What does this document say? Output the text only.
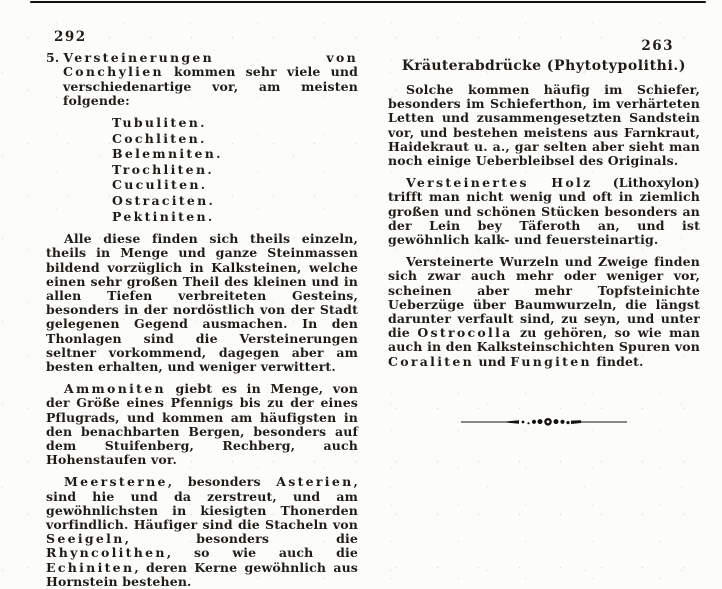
292

5. Versteinerungen von Conchylien kommen sehr viele und verschiedenartige vor, am meisten folgende:

Tubuliten.
Cochliten.
Belemniten.
Trochliten.
Cuculiten.
Ostraciten.
Pektiniten.

Alle diese finden sich theils einzeln, theils in Menge und ganze Steinmassen bildend vorzüglich in Kalksteinen, welche einen sehr großen Theil des kleinen und in allen Tiefen verbreiteten Gesteins, besonders in der nordöstlich von der Stadt gelegenen Gegend ausmachen. In den Thonlagen sind die Versteinerungen seltner vorkommend, dagegen aber am besten erhalten, und weniger verwittert.

Ammoniten giebt es in Menge, von der Größe eines Pfennigs bis zu der eines Pflugrads, und kommen am häufigsten in den benachbarten Bergen, besonders auf dem Stuifenberg, Rechberg, auch Hohenstaufen vor.

Meersterne, besonders Asterien, sind hie und da zerstreut, und am gewöhnlichsten in kiesigten Thonerden vorfindlich. Häufiger sind die Stacheln von Seeigeln, besonders die Rhyncolithen, so wie auch die Echiniten, deren Kerne gewöhnlich aus Hornstein bestehen.

263
Kräuterabdrücke (Phytotypolithi.)

Solche kommen häufig im Schiefer, besonders im Schieferthon, im verhärteten Letten und zusammengesetzten Sandstein vor, und bestehen meistens aus Farnkraut, Haidekraut u. a., gar selten aber sieht man noch einige Ueberbleibsel des Originals.

Versteinertes Holz (Lithoxylon) trifft man nicht wenig und oft in ziemlich großen und schönen Stücken besonders an der Lein bey Täferoth an, und ist gewöhnlich kalk- und feuersteinartig.

Versteinerte Wurzeln und Zweige finden sich zwar auch mehr oder weniger vor, scheinen aber mehr Topfsteinichte Ueberzüge über Baumwurzeln, die längst darunter verfault sind, zu seyn, und unter die Ostrocolla zu gehören, so wie man auch in den Kalksteinschichten Spuren von Coraliten und Fungiten findet.
